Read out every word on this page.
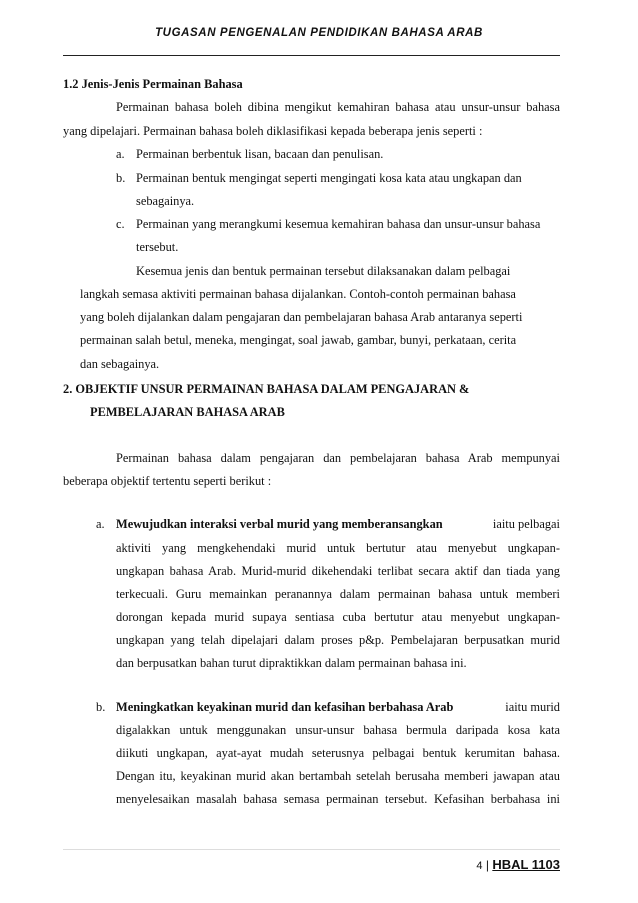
TUGASAN PENGENALAN PENDIDIKAN BAHASA ARAB
1.2 Jenis-Jenis Permainan Bahasa
Permainan bahasa boleh dibina mengikut kemahiran bahasa atau unsur-unsur bahasa
yang dipelajari. Permainan bahasa boleh diklasifikasi kepada beberapa jenis seperti :
a. Permainan berbentuk lisan, bacaan dan penulisan.
b. Permainan bentuk mengingat seperti mengingati kosa kata atau ungkapan dan
sebagainya.
c. Permainan yang merangkumi kesemua kemahiran bahasa dan unsur-unsur bahasa
tersebut.
Kesemua jenis dan bentuk permainan tersebut dilaksanakan dalam pelbagai
langkah semasa aktiviti permainan bahasa dijalankan. Contoh-contoh permainan bahasa
yang boleh dijalankan dalam pengajaran dan pembelajaran bahasa Arab antaranya seperti
permainan salah betul, meneka, mengingat, soal jawab, gambar, bunyi, perkataan, cerita
dan sebagainya.
2. OBJEKTIF UNSUR PERMAINAN BAHASA DALAM PENGAJARAN &
PEMBELAJARAN BAHASA ARAB
Permainan bahasa dalam pengajaran dan pembelajaran bahasa Arab mempunyai
beberapa objektif tertentu seperti berikut :
a. Mewujudkan interaksi verbal murid yang memberansangkan	iaitu pelbagai
aktiviti yang mengkehendaki murid untuk bertutur atau menyebut ungkapan-
ungkapan bahasa Arab. Murid-murid dikehendaki terlibat secara aktif dan tiada yang
terkecuali. Guru memainkan peranannya dalam permainan bahasa untuk memberi
dorongan kepada murid supaya sentiasa cuba bertutur atau menyebut ungkapan-
ungkapan yang telah dipelajari dalam proses p&p. Pembelajaran berpusatkan murid
dan berpusatkan bahan turut dipraktikkan dalam permainan bahasa ini.
b. Meningkatkan keyakinan murid dan kefasihan berbahasa Arab	iaitu murid
digalakkan untuk menggunakan unsur-unsur bahasa bermula daripada kosa kata
diikuti ungkapan, ayat-ayat mudah seterusnya pelbagai bentuk kerumitan bahasa.
Dengan itu, keyakinan murid akan bertambah setelah berusaha memberi jawapan atau
menyelesaikan masalah bahasa semasa permainan tersebut. Kefasihan berbahasa ini
4 | HBAL 1103
